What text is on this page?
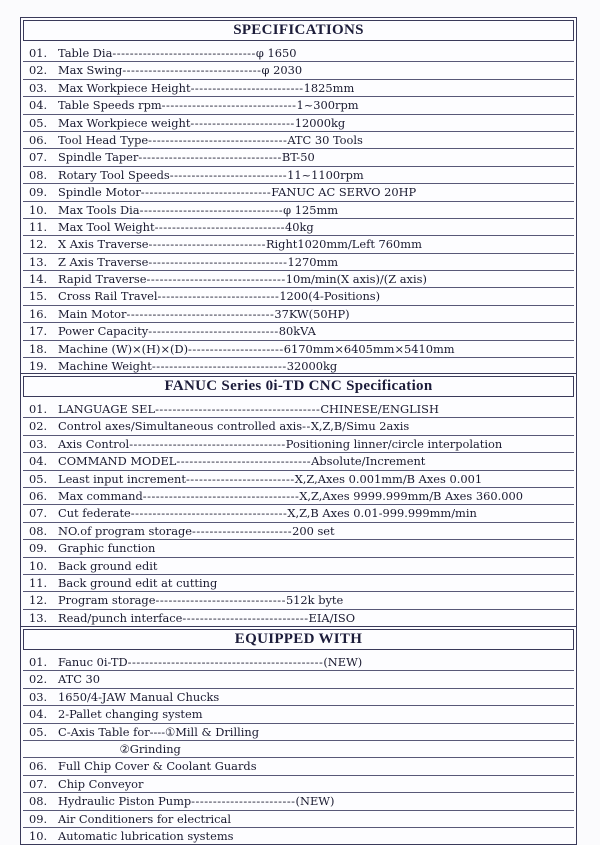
SPECIFICATIONS
01. Table Dia---------------------------------φ 1650
02. Max Swing--------------------------------φ 2030
03. Max Workpiece Height--------------------------1825mm
04. Table Speeds rpm-------------------------------1~300rpm
05. Max Workpiece weight------------------------12000kg
06. Tool Head Type--------------------------------ATC 30 Tools
07. Spindle Taper---------------------------------BT-50
08. Rotary Tool Speeds---------------------------11~1100rpm
09. Spindle Motor------------------------------FANUC AC SERVO 20HP
10. Max Tools Dia---------------------------------φ 125mm
11. Max Tool Weight------------------------------40kg
12. X Axis Traverse---------------------------Right1020mm/Left 760mm
13. Z Axis Traverse--------------------------------1270mm
14. Rapid Traverse--------------------------------10m/min(X axis)/(Z axis)
15. Cross Rail Travel----------------------------1200(4-Positions)
16. Main Motor----------------------------------37KW(50HP)
17. Power Capacity------------------------------80kVA
18. Machine (W)×(H)×(D)----------------------6170mm×6405mm×5410mm
19. Machine Weight-------------------------------32000kg
FANUC Series 0i-TD CNC Specification
01. LANGUAGE SEL--------------------------------------CHINESE/ENGLISH
02. Control axes/Simultaneous controlled axis--X,Z,B/Simu 2axis
03. Axis Control------------------------------------Positioning linner/circle interpolation
04. COMMAND MODEL-------------------------------Absolute/Increment
05. Least input increment-------------------------X,Z,Axes 0.001mm/B Axes 0.001
06. Max command------------------------------------X,Z,Axes 9999.999mm/B Axes 360.000
07. Cut federate------------------------------------X,Z,B Axes 0.01-999.999mm/min
08. NO.of program storage-----------------------200 set
09. Graphic function
10. Back ground edit
11. Back ground edit at cutting
12. Program storage------------------------------512k byte
13. Read/punch interface-----------------------------EIA/ISO
EQUIPPED WITH
01. Fanuc 0i-TD---------------------------------------------(NEW)
02. ATC 30
03. 1650/4-JAW Manual Chucks
04. 2-Pallet changing system
05. C-Axis Table for----①Mill & Drilling
②Grinding
06. Full Chip Cover & Coolant Guards
07. Chip Conveyor
08. Hydraulic Piston Pump------------------------(NEW)
09. Air Conditioners for electrical
10. Automatic lubrication systems
